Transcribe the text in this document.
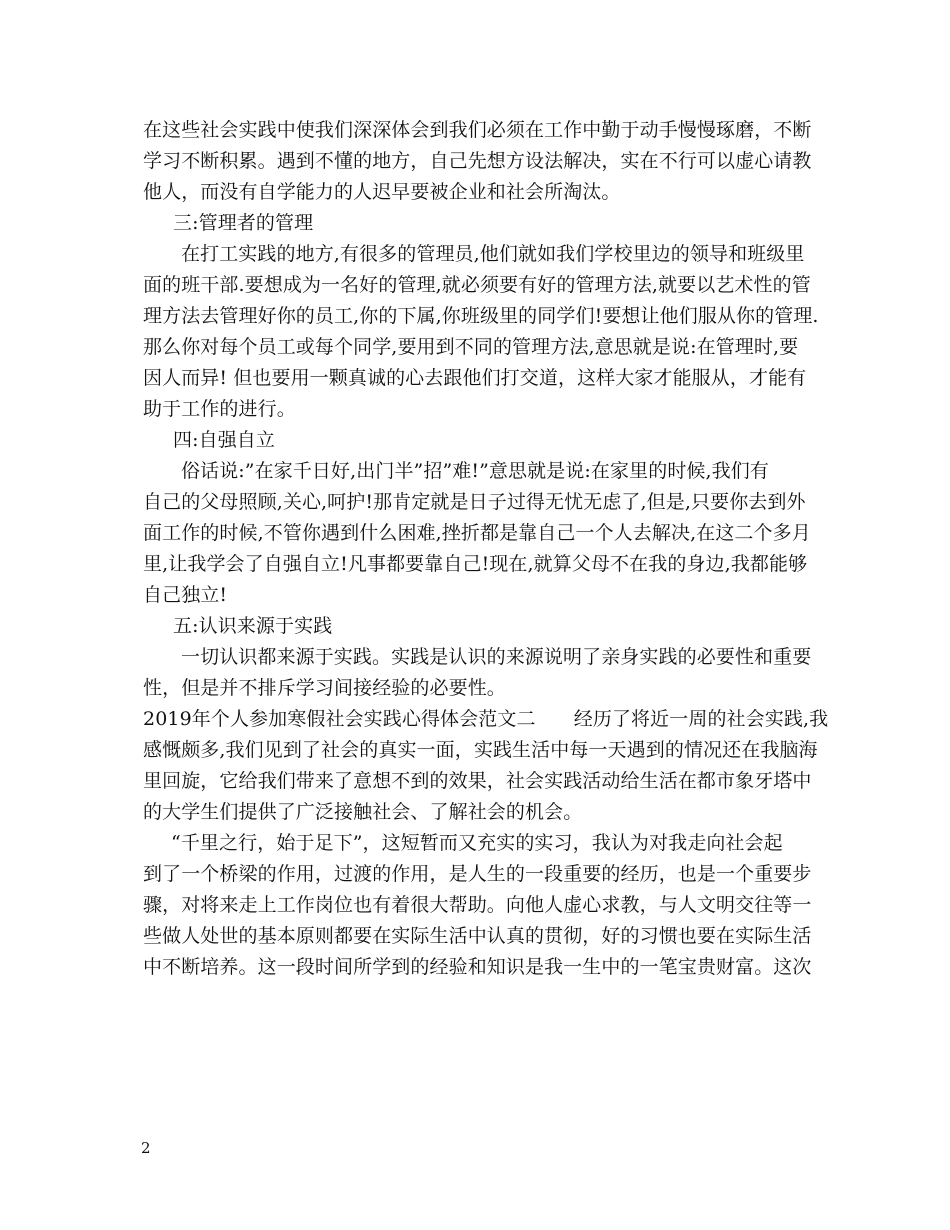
在这些社会实践中使我们深深体会到我们必须在工作中勤于动手慢慢琢磨，不断
学习不断积累。遇到不懂的地方，自己先想方设法解决，实在不行可以虚心请教
他人，而没有自学能力的人迟早要被企业和社会所淘汰。
三:管理者的管理
在打工实践的地方,有很多的管理员,他们就如我们学校里边的领导和班级里
面的班干部.要想成为一名好的管理,就必须要有好的管理方法,就要以艺术性的管
理方法去管理好你的员工,你的下属,你班级里的同学们!要想让他们服从你的管理.
那么你对每个员工或每个同学,要用到不同的管理方法,意思就是说:在管理时,要
因人而异! 但也要用一颗真诚的心去跟他们打交道，这样大家才能服从，才能有
助于工作的进行。
四:自强自立
俗话说:”在家千日好,出门半”招”难!”意思就是说:在家里的时候,我们有
自己的父母照顾,关心,呵护!那肯定就是日子过得无忧无虑了,但是,只要你去到外
面工作的时候,不管你遇到什么困难,挫折都是靠自己一个人去解决,在这二个多月
里,让我学会了自强自立!凡事都要靠自己!现在,就算父母不在我的身边,我都能够
自己独立!
五:认识来源于实践
一切认识都来源于实践。实践是认识的来源说明了亲身实践的必要性和重要
性，但是并不排斥学习间接经验的必要性。
2019年个人参加寒假社会实践心得体会范文二　　经历了将近一周的社会实践,我
感慨颇多,我们见到了社会的真实一面，实践生活中每一天遇到的情况还在我脑海
里回旋，它给我们带来了意想不到的效果，社会实践活动给生活在都市象牙塔中
的大学生们提供了广泛接触社会、了解社会的机会。
“千里之行，始于足下”，这短暂而又充实的实习，我认为对我走向社会起
到了一个桥梁的作用，过渡的作用，是人生的一段重要的经历，也是一个重要步
骤，对将来走上工作岗位也有着很大帮助。向他人虚心求教，与人文明交往等一
些做人处世的基本原则都要在实际生活中认真的贯彻，好的习惯也要在实际生活
中不断培养。这一段时间所学到的经验和知识是我一生中的一笔宝贵财富。这次
2
